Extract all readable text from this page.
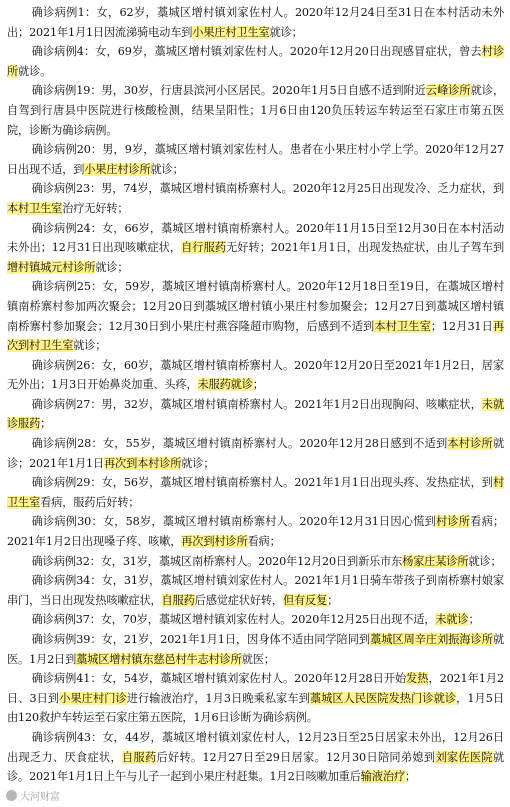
确诊病例1：女，62岁，藁城区增村镇刘家佐村人。2020年12月24日至31日在本村活动未外出；2021年1月1日因流涕骑电动车到小果庄村卫生室就诊；

确诊病例4：女，69岁，藁城区增村镇刘家佐村人。2020年12月20日出现感冒症状，曾去村诊所就诊。

确诊病例19：男，30岁，行唐县滨河小区居民。2020年1月5日自感不适到附近云峰诊所就诊，自驾到行唐县中医院进行核酸检测，结果呈阳性；1月6日由120负压转运车转运至石家庄市第五医院，诊断为确诊病例。

确诊病例20：男，9岁，藁城区增村镇刘家佐村人。患者在小果庄村小学上学。2020年12月27日出现不适，到小果庄村诊所就诊；

确诊病例23：男，74岁，藁城区增村镇南桥寨村人。2020年12月25日出现发冷、乏力症状，到本村卫生室治疗无好转；

确诊病例24：女，66岁，藁城区增村镇南桥寨村人。2020年11月15日至12月30日在本村活动未外出；12月31日出现咳嗽症状，自行服药无好转；2021年1月1日，出现发热症状，由儿子驾车到增村镇城元村诊所就诊；

确诊病例25：女，59岁，藁城区增村镇南桥寨村人。2020年12月18日至19日，在藁城区增村镇南桥寨村参加两次聚会；12月20日到藁城区增村镇小果庄村参加聚会；12月27日到藁城区增村镇南桥寨村参加聚会；12月30日到小果庄村燕容隆超市购物，后感到不适到本村卫生室；12月31日再次到村卫生室就诊；

确诊病例26：女，60岁，藁城区增村镇南桥寨村人。2020年12月20日至2021年1月2日，居家无外出；1月3日开始鼻炎加重、头疼，未服药就诊；

确诊病例27：男，32岁，藁城区增村镇南桥寨村人。2021年1月2日出现胸闷、咳嗽症状，未就诊服药；

确诊病例28：女，55岁，藁城区增村镇南桥寨村人。2020年12月28日感到不适到本村诊所就诊；2021年1月1日再次到本村诊所就诊；

确诊病例29：女，56岁，藁城区增村镇南桥寨村人。2021年1月1日出现头疼、发热症状，到村卫生室看病，服药后好转；

确诊病例30：女，58岁，藁城区增村镇南桥寨村人。2020年12月31日因心慌到村诊所看病；2021年1月2日出现嗓子疼、咳嗽，再次到村诊所看病；

确诊病例32：女，31岁，藁城区南桥寨村人。2020年12月20日到新乐市东杨家庄某诊所就诊；

确诊病例34：女，31岁，藁城区增村镇刘家佐村人。2021年1月1日骑车带孩子到南桥寨村娘家串门，当日出现发热咳嗽症状，自服药后感觉症状好转，但有反复；

确诊病例37：女，70岁，藁城区增村镇刘家佐村人。2020年12月25日出现不适，未就诊；

确诊病例39：女，21岁，2021年1月1日，因身体不适由同学陪同到藁城区周辛庄刘振海诊所就医。1月2日到藁城区增村镇东慈邑村牛志村诊所就医；

确诊病例41：女，54岁，藁城区增村镇刘家佐村人。2020年12月28日开始发热，2021年1月2日、3日到小果庄村门诊进行输液治疗，1月3日晚乘私家车到藁城区人民医院发热门诊就诊，1月5日由120救护车转运至石家庄第五医院，1月6日诊断为确诊病例。

确诊病例43：女，44岁，藁城区增村镇刘家佐村人，12月23日至25日居家未外出，12月26日出现乏力、厌食症状，自服药后好转。12月27日至29日居家。12月30日陪同弟媳到刘家佐医院就诊。2021年1月1日上午与儿子一起到小果庄村赶集。1月2日咳嗽加重后输液治疗；

大河财富
